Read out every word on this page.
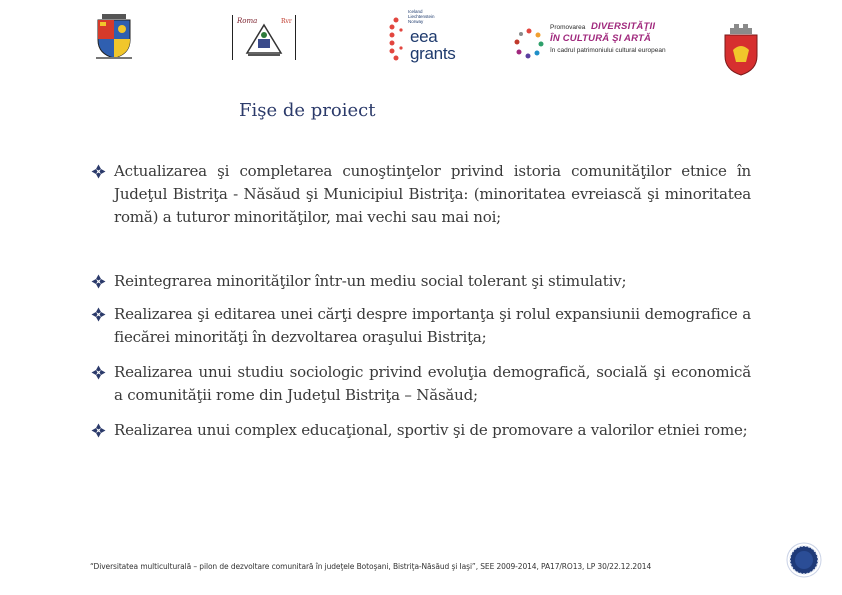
Roma	Rvr
Iceland Liechtenstein Norway
eea
grants
Promovarea DIVERSITĂŢII
ÎN CULTURĂ ŞI ARTĂ
în cadrul patrimoniului cultural european
Fişe de proiect
Actualizarea şi completarea cunoştinţelor privind istoria comunităţilor etnice în Judeţul Bistriţa - Năsăud şi Municipiul Bistriţa: (minoritatea evreiască şi minoritatea romă) a tuturor minorităţilor, mai vechi sau mai noi;
Reintegrarea minorităţilor într-un mediu social tolerant şi stimulativ;
Realizarea şi editarea unei cărţi despre importanţa şi rolul expansiunii demografice a fiecărei minorităţi în dezvoltarea oraşului Bistriţa;
Realizarea unui studiu sociologic privind evoluţia demografică, socială şi economică a comunităţii rome din Judeţul Bistriţa – Năsăud;
Realizarea unui complex educaţional, sportiv şi de promovare a valorilor etniei rome;
“Diversitatea multiculturală – pilon de dezvoltare comunitară în judeţele Botoşani, Bistriţa-Năsăud şi Iaşi”, SEE 2009-2014, PA17/RO13, LP 30/22.12.2014
